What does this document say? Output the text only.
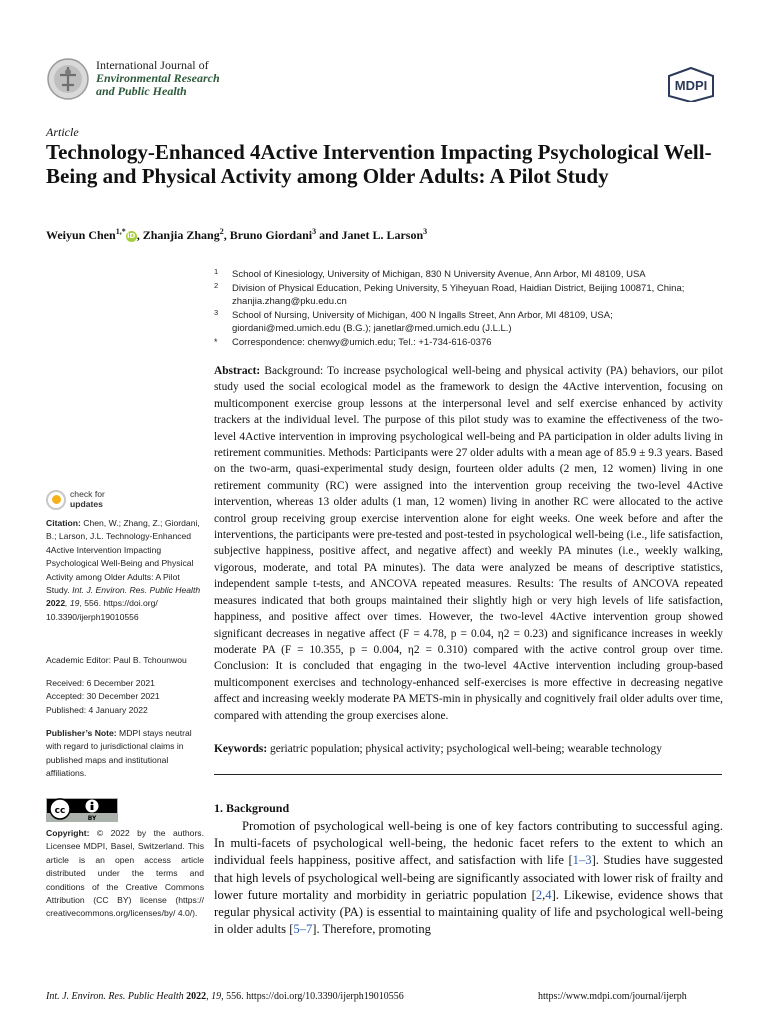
International Journal of
Environmental Research
and Public Health	MDPI
Article
Technology-Enhanced 4Active Intervention Impacting Psychological Well-Being and Physical Activity among Older Adults: A Pilot Study
Weiyun Chen$^{1,*}$iD, Zhanjia Zhang$^2$, Bruno Giordani$^3$ and Janet L. Larson$^3$
1 School of Kinesiology, University of Michigan, 830 N University Avenue, Ann Arbor, MI 48109, USA
2 Division of Physical Education, Peking University, 5 Yiheyuan Road, Haidian District, Beijing 100871, China;
zhanjia.zhang@pku.edu.cn
3 School of Nursing, University of Michigan, 400 N Ingalls Street, Ann Arbor, MI 48109, USA;
giordani@med.umich.edu (B.G.); janetlar@med.umich.edu (J.L.L.)
* Correspondence: chenwy@umich.edu; Tel.: +1-734-616-0376
Abstract: Background: To increase psychological well-being and physical activity (PA) behaviors, our pilot study used the social ecological model as the framework to design the 4Active intervention, focusing on multicomponent exercise group lessons at the interpersonal level and self exercise enhanced by activity trackers at the individual level. The purpose of this pilot study was to examine the effectiveness of the two-level 4Active intervention in improving psychological well-being and PA participation in older adults living in retirement communities. Methods: Participants were 27 older adults with a mean age of 85.9 ± 9.3 years. Based on the two-arm, quasi-experimental study design, fourteen older adults (2 men, 12 women) living in one retirement community (RC) were assigned into the intervention group receiving the two-level 4Active intervention, whereas 13 older adults (1 man, 12 women) living in another RC were allocated to the active control group receiving group exercise intervention alone for eight weeks. One week before and after the interventions, the participants were pre-tested and post-tested in psychological well-being (i.e., life satisfaction, subjective happiness, positive affect, and negative affect) and weekly PA minutes (i.e., weekly walking, vigorous, moderate, and total PA minutes). The data were analyzed be means of descriptive statistics, independent sample t-tests, and ANCOVA repeated measures. Results: The results of ANCOVA repeated measures indicated that both groups maintained their slightly high or very high levels of life satisfaction, happiness, and positive affect over times. However, the two-level 4Active intervention group showed significant decreases in negative affect (F = 4.78, p = 0.04, η2 = 0.23) and significance increases in weekly moderate PA (F = 10.355, p = 0.004, η2 = 0.310) compared with the active control group over time. Conclusion: It is concluded that engaging in the two-level 4Active intervention including group-based multicomponent exercises and technology-enhanced self-exercises is more effective in decreasing negative affect and increasing weekly moderate PA METS-min in physically and cognitively frail older adults over time, compared with attending the group exercises alone.
Keywords: geriatric population; physical activity; psychological well-being; wearable technology
1. Background
Promotion of psychological well-being is one of key factors contributing to successful aging. In multi-facets of psychological well-being, the hedonic facet refers to the extent to which an individual feels happiness, positive affect, and satisfaction with life [1–3]. Studies have suggested that high levels of psychological well-being are significantly associated with lower risk of frailty and lower future mortality and morbidity in geriatric population [2,4]. Likewise, evidence shows that regular physical activity (PA) is essential to maintaining quality of life and psychological well-being in older adults [5–7]. Therefore, promoting
check for
updates
Citation: Chen, W.; Zhang, Z.; Giordani, B.; Larson, J.L. Technology-Enhanced 4Active Intervention Impacting Psychological Well-Being and Physical Activity among Older Adults: A Pilot Study. Int. J. Environ. Res. Public Health 2022, 19, 556. https://doi.org/ 10.3390/ijerph19010556
Academic Editor: Paul B. Tchounwou
Received: 6 December 2021
Accepted: 30 December 2021
Published: 4 January 2022
Publisher’s Note: MDPI stays neutral with regard to jurisdictional claims in published maps and institutional affiliations.
cc
BY
Copyright: © 2022 by the authors. Licensee MDPI, Basel, Switzerland. This article is an open access article distributed under the terms and conditions of the Creative Commons Attribution (CC BY) license (https:// creativecommons.org/licenses/by/ 4.0/).
Int. J. Environ. Res. Public Health 2022, 19, 556. https://doi.org/10.3390/ijerph19010556	https://www.mdpi.com/journal/ijerph
